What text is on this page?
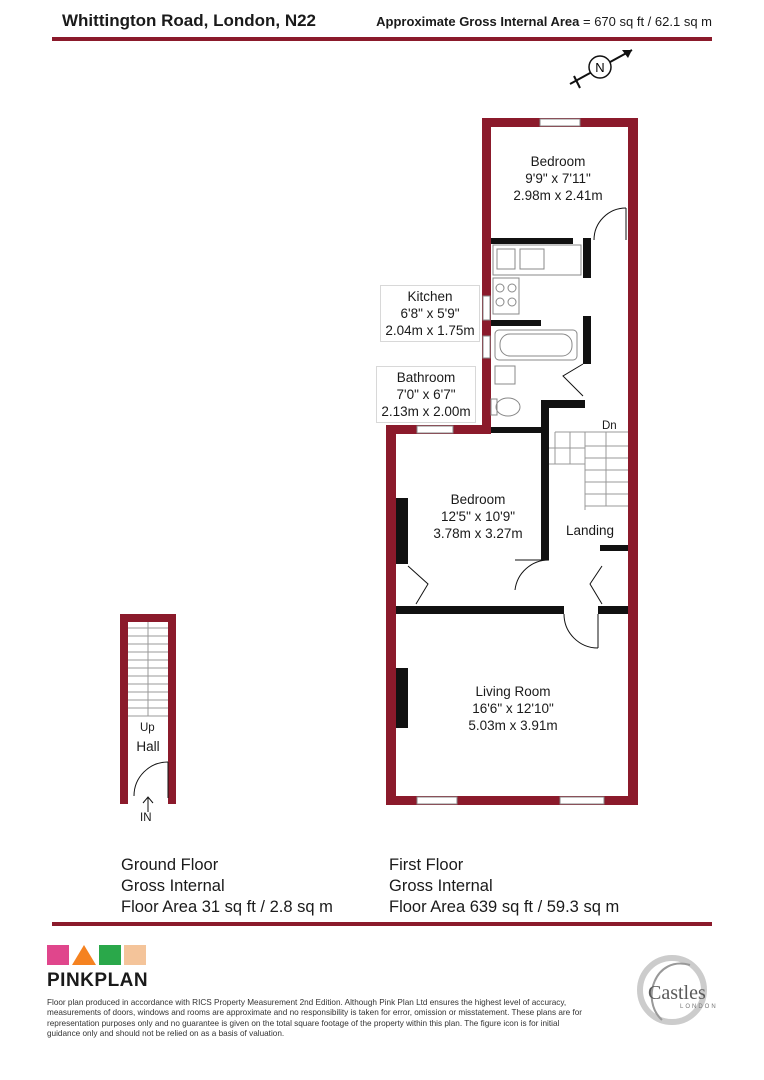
Whittington Road, London, N22	Approximate Gross Internal Area = 670 sq ft / 62.1 sq m
N
Bedroom
9'9" x 7'11"
2.98m x 2.41m
Kitchen
6'8" x 5'9"
2.04m x 1.75m
Bathroom
7'0" x 6'7"
2.13m x 2.00m
Bedroom
12'5" x 10'9"
3.78m x 3.27m
Living Room
16'6" x 12'10"
5.03m x 3.91m
Landing
Hall
Dn
Up
IN
Ground Floor
Gross Internal
Floor Area 31 sq ft / 2.8 sq m
First Floor
Gross Internal
Floor Area 639 sq ft / 59.3 sq m
PINKPLAN
Castles
LONDON
Floor plan produced in accordance with RICS Property Measurement 2nd Edition. Although Pink Plan Ltd ensures the highest level of accuracy, measurements of doors, windows and rooms are approximate and no responsibility is taken for error, omission or misstatement. These plans are for representation purposes only and no guarantee is given on the total square footage of the property within this plan. The figure icon is for initial guidance only and should not be relied on as a basis of valuation.
